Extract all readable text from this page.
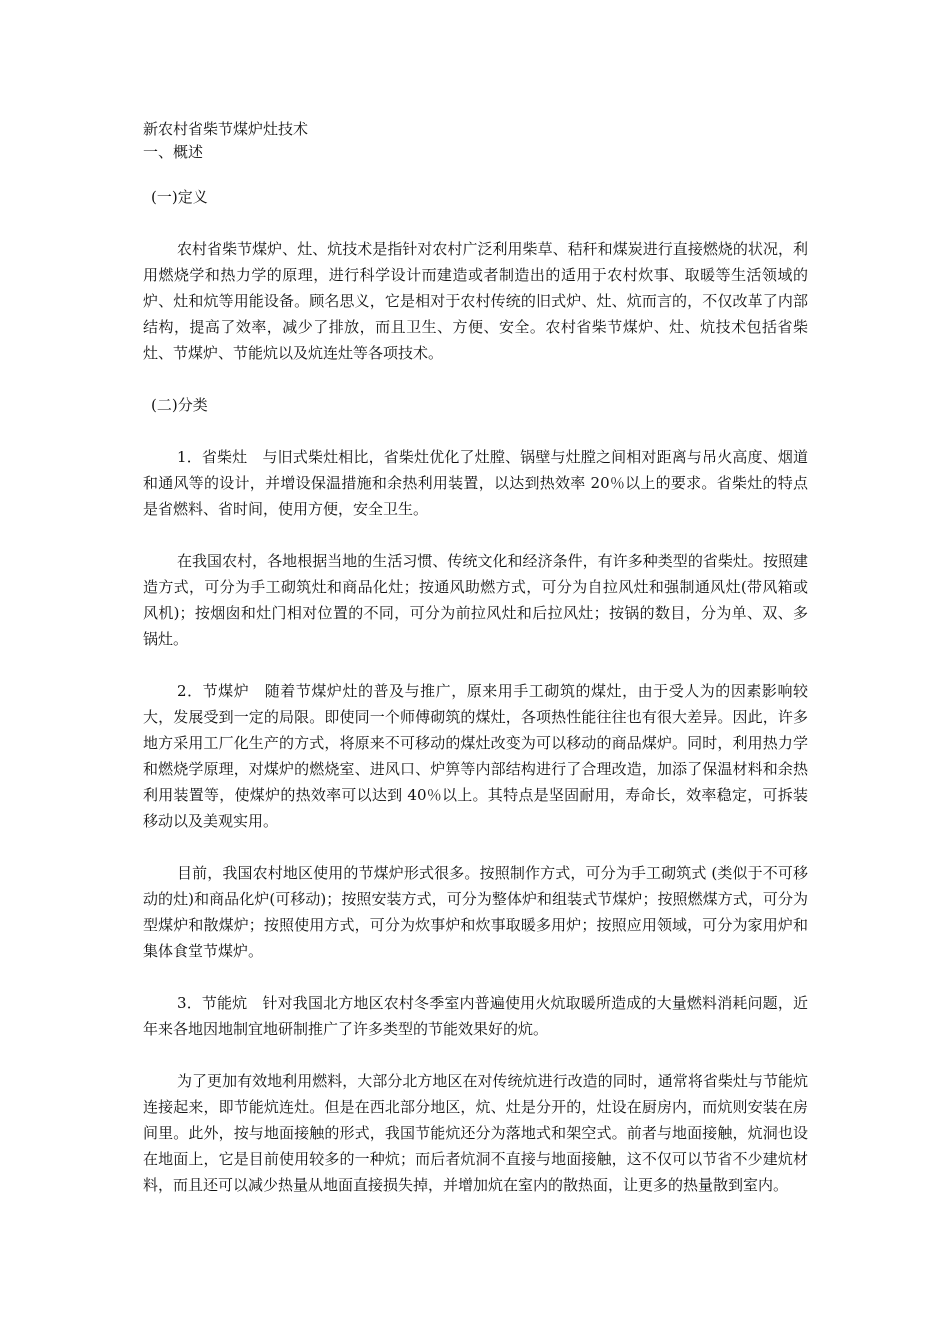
新农村省柴节煤炉灶技术

一、概述

(一)定义

农村省柴节煤炉、灶、炕技术是指针对农村广泛利用柴草、秸秆和煤炭进行直接燃烧的状况，利用燃烧学和热力学的原理，进行科学设计而建造或者制造出的适用于农村炊事、取暖等生活领域的炉、灶和炕等用能设备。顾名思义，它是相对于农村传统的旧式炉、灶、炕而言的，不仅改革了内部结构，提高了效率，减少了排放，而且卫生、方便、安全。农村省柴节煤炉、灶、炕技术包括省柴灶、节煤炉、节能炕以及炕连灶等各项技术。

(二)分类

1．省柴灶　与旧式柴灶相比，省柴灶优化了灶膛、锅壁与灶膛之间相对距离与吊火高度、烟道和通风等的设计，并增设保温措施和余热利用装置，以达到热效率 20％以上的要求。省柴灶的特点是省燃料、省时间，使用方便，安全卫生。

在我国农村，各地根据当地的生活习惯、传统文化和经济条件，有许多种类型的省柴灶。按照建造方式，可分为手工砌筑灶和商品化灶；按通风助燃方式，可分为自拉风灶和强制通风灶(带风箱或风机)；按烟囱和灶门相对位置的不同，可分为前拉风灶和后拉风灶；按锅的数目，分为单、双、多锅灶。

2．节煤炉　随着节煤炉灶的普及与推广，原来用手工砌筑的煤灶，由于受人为的因素影响较大，发展受到一定的局限。即使同一个师傅砌筑的煤灶，各项热性能往往也有很大差异。因此，许多地方采用工厂化生产的方式，将原来不可移动的煤灶改变为可以移动的商品煤炉。同时，利用热力学和燃烧学原理，对煤炉的燃烧室、进风口、炉箅等内部结构进行了合理改造，加添了保温材料和余热利用装置等，使煤炉的热效率可以达到 40％以上。其特点是坚固耐用，寿命长，效率稳定，可拆装移动以及美观实用。

目前，我国农村地区使用的节煤炉形式很多。按照制作方式，可分为手工砌筑式 (类似于不可移动的灶)和商品化炉(可移动)；按照安装方式，可分为整体炉和组装式节煤炉；按照燃煤方式，可分为型煤炉和散煤炉；按照使用方式，可分为炊事炉和炊事取暖多用炉；按照应用领域，可分为家用炉和集体食堂节煤炉。

3．节能炕　针对我国北方地区农村冬季室内普遍使用火炕取暖所造成的大量燃料消耗问题，近年来各地因地制宜地研制推广了许多类型的节能效果好的炕。

为了更加有效地利用燃料，大部分北方地区在对传统炕进行改造的同时，通常将省柴灶与节能炕连接起来，即节能炕连灶。但是在西北部分地区，炕、灶是分开的，灶设在厨房内，而炕则安装在房间里。此外，按与地面接触的形式，我国节能炕还分为落地式和架空式。前者与地面接触，炕洞也设在地面上，它是目前使用较多的一种炕；而后者炕洞不直接与地面接触，这不仅可以节省不少建炕材料，而且还可以减少热量从地面直接损失掉，并增加炕在室内的散热面，让更多的热量散到室内。
